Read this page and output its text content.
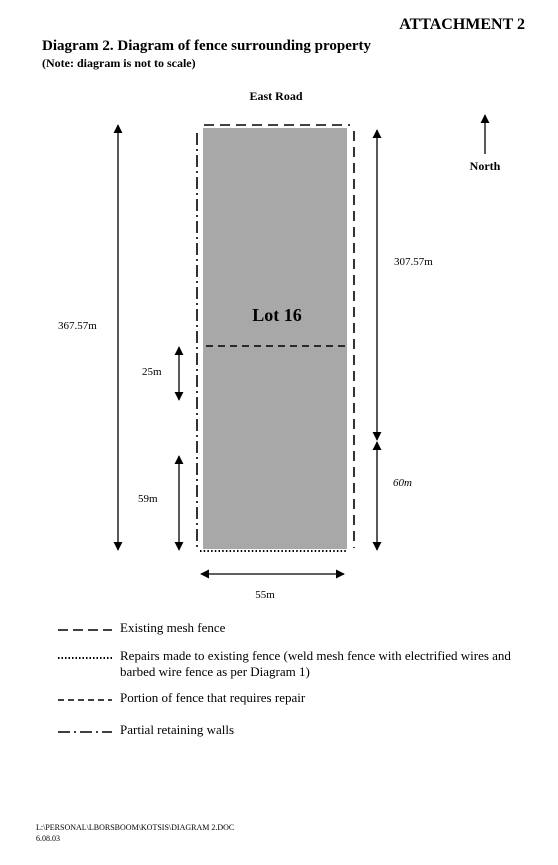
ATTACHMENT 2
Diagram 2. Diagram of fence surrounding property
(Note: diagram is not to scale)
East Road
North
Lot 16
367.57m
307.57m
60m
25m
59m
55m
Existing mesh fence
Repairs made to existing fence (weld mesh fence with electrified wires and barbed wire fence as per Diagram 1)
Portion of fence that requires repair
Partial retaining walls
L:\PERSONAL\LBORSBOOM\KOTSIS\DIAGRAM 2.DOC
6.08.03
